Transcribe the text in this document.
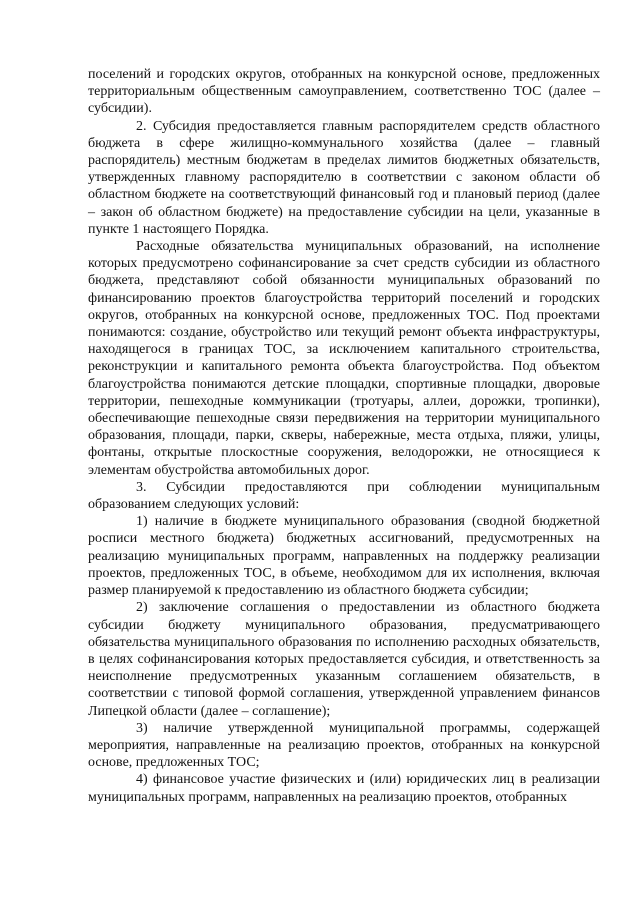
поселений и городских округов, отобранных на конкурсной основе, предложенных территориальным общественным самоуправлением, соответственно ТОС (далее – субсидии).

2. Субсидия предоставляется главным распорядителем средств областного бюджета в сфере жилищно-коммунального хозяйства (далее – главный распорядитель) местным бюджетам в пределах лимитов бюджетных обязательств, утвержденных главному распорядителю в соответствии с законом области об областном бюджете на соответствующий финансовый год и плановый период (далее – закон об областном бюджете) на предоставление субсидии на цели, указанные в пункте 1 настоящего Порядка.

Расходные обязательства муниципальных образований, на исполнение которых предусмотрено софинансирование за счет средств субсидии из областного бюджета, представляют собой обязанности муниципальных образований по финансированию проектов благоустройства территорий поселений и городских округов, отобранных на конкурсной основе, предложенных ТОС. Под проектами понимаются: создание, обустройство или текущий ремонт объекта инфраструктуры, находящегося в границах ТОС, за исключением капитального строительства, реконструкции и капитального ремонта объекта благоустройства. Под объектом благоустройства понимаются детские площадки, спортивные площадки, дворовые территории, пешеходные коммуникации (тротуары, аллеи, дорожки, тропинки), обеспечивающие пешеходные связи передвижения на территории муниципального образования, площади, парки, скверы, набережные, места отдыха, пляжи, улицы, фонтаны, открытые плоскостные сооружения, велодорожки, не относящиеся к элементам обустройства автомобильных дорог.

3. Субсидии предоставляются при соблюдении муниципальным образованием следующих условий:

1) наличие в бюджете муниципального образования (сводной бюджетной росписи местного бюджета) бюджетных ассигнований, предусмотренных на реализацию муниципальных программ, направленных на поддержку реализации проектов, предложенных ТОС, в объеме, необходимом для их исполнения, включая размер планируемой к предоставлению из областного бюджета субсидии;

2) заключение соглашения о предоставлении из областного бюджета субсидии бюджету муниципального образования, предусматривающего обязательства муниципального образования по исполнению расходных обязательств, в целях софинансирования которых предоставляется субсидия, и ответственность за неисполнение предусмотренных указанным соглашением обязательств, в соответствии с типовой формой соглашения, утвержденной управлением финансов Липецкой области (далее – соглашение);

3) наличие утвержденной муниципальной программы, содержащей мероприятия, направленные на реализацию проектов, отобранных на конкурсной основе, предложенных ТОС;

4) финансовое участие физических и (или) юридических лиц в реализации муниципальных программ, направленных на реализацию проектов, отобранных
